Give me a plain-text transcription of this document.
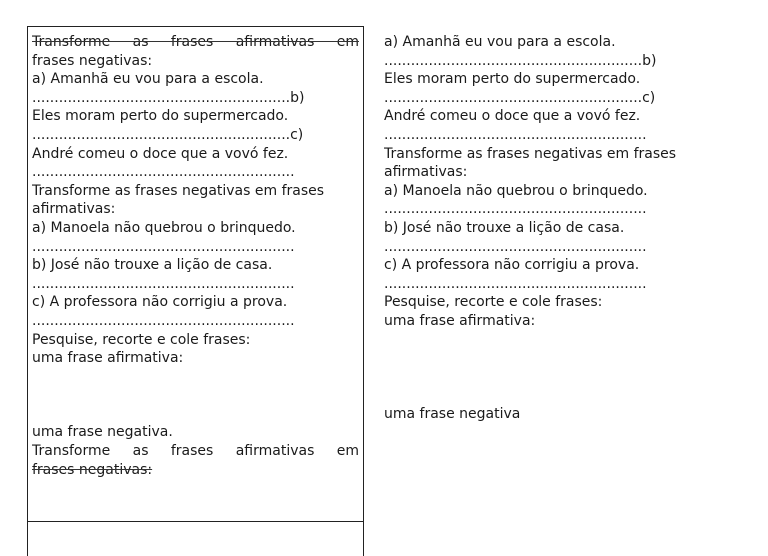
Transforme as frases afirmativas em
frases negativas:
a) Amanhã eu vou para a escola.
..........................................................b)
Eles moram perto do supermercado.
..........................................................c)
André comeu o doce que a vovó fez.
...........................................................
Transforme as frases negativas em frases
afirmativas:
a) Manoela não quebrou o brinquedo.
...........................................................
b) José não trouxe a lição de casa.
...........................................................
c) A professora não corrigiu a prova.
...........................................................
Pesquise, recorte e cole frases:
uma frase afirmativa:
uma frase negativa.
Transforme as frases afirmativas em
frases negativas:
a) Amanhã eu vou para a escola.
..........................................................b)
Eles moram perto do supermercado.
..........................................................c)
André comeu o doce que a vovó fez.
...........................................................
Transforme as frases negativas em frases
afirmativas:
a) Manoela não quebrou o brinquedo.
...........................................................
b) José não trouxe a lição de casa.
...........................................................
c) A professora não corrigiu a prova.
...........................................................
Pesquise, recorte e cole frases:
uma frase afirmativa:
uma frase negativa
